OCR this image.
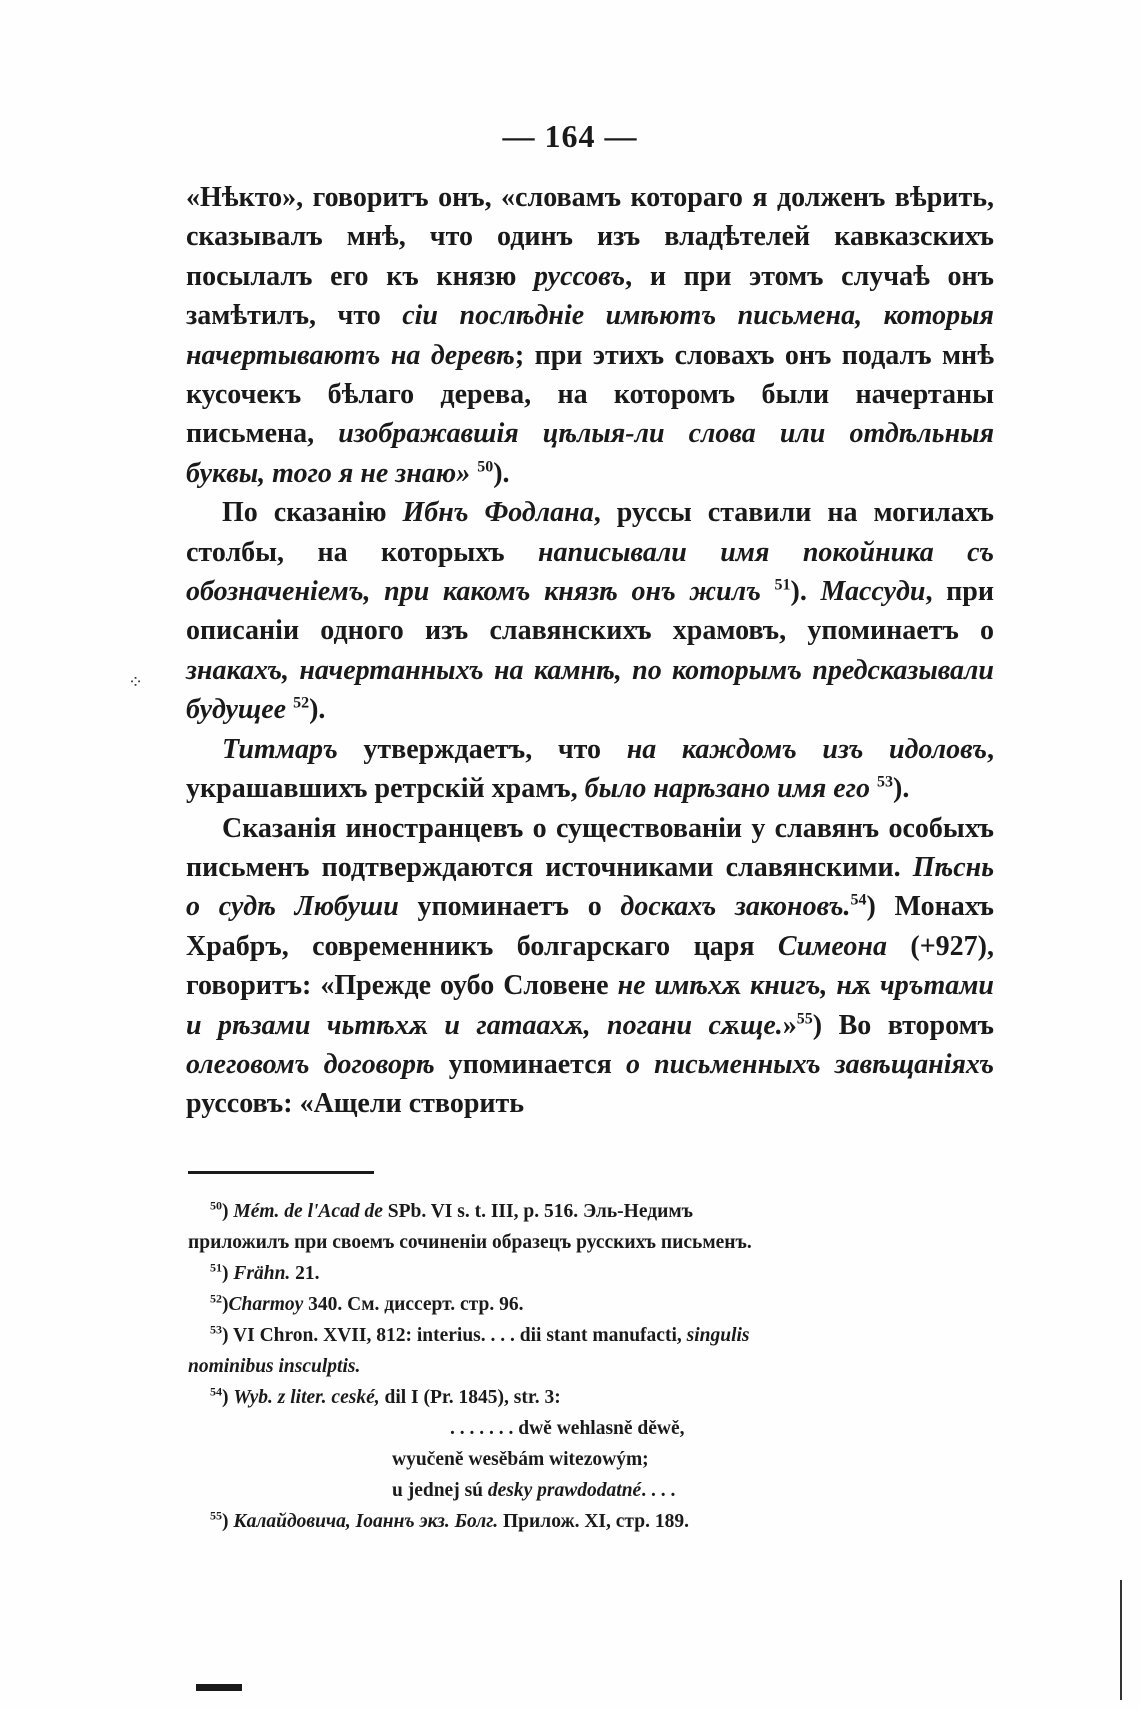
— 164 —

«Нѣкто», говоритъ онъ, «словамъ котораго я долженъ вѣрить, сказывалъ мнѣ, что одинъ изъ владѣтелей кавказскихъ посылалъ его къ князю руссовъ, и при этомъ случаѣ онъ замѣтилъ, что сіи послѣдніе имѣютъ письмена, которыя начертываютъ на деревѣ; при этихъ словахъ онъ подалъ мнѣ кусочекъ бѣлаго дерева, на которомъ были начертаны письмена, изображавшія цѣлыя-ли слова или отдѣльныя буквы, того я не знаю» $^{50}$).

По сказанію Ибнъ Фодлана, руссы ставили на могилахъ столбы, на которыхъ написывали имя покойника съ обозначеніемъ, при какомъ князѣ онъ жилъ $^{51}$). Массуди, при описаніи одного изъ славянскихъ храмовъ, упоминаетъ о знакахъ, начертанныхъ на камнѣ, по которымъ предсказывали будущее $^{52}$).

Титмаръ утверждаетъ, что на каждомъ изъ идоловъ, украшавшихъ ретрскій храмъ, было нарѣзано имя его $^{53}$).

Сказанія иностранцевъ о существованіи у славянъ особыхъ письменъ подтверждаются источниками славянскими. Пѣснь о судѣ Любуши упоминаетъ о доскахъ законовъ.$^{54}$) Монахъ Храбръ, современникъ болгарскаго царя Симеона (+927), говоритъ: «Прежде оубо Словене не имѣхѫ книгъ, нѫ чрътами и рѣзами чьтѣхѫ и гатаахѫ, погани сѫще.»$^{55}$) Во второмъ олеговомъ договорѣ упоминается о письменныхъ завѣщаніяхъ руссовъ: «Ащели створить

$^{50}$) Mém. de l'Acad de SPb. VI s. t. III, p. 516. Эль-Недимъ

приложилъ при своемъ сочиненіи образецъ русскихъ письменъ.

$^{51}$) Frähn. 21.

$^{52}$)Charmoy 340. См. диссерт. стр. 96.

$^{53}$) VI Chron. XVII, 812: interius. . . . dii stant manufacti, singulis

nominibus insculptis.

$^{54}$) Wyb. z liter. ceské, dil I (Pr. 1845), str. 3:

. . . . . . . dwě wehlasně děwě,

wyučeně wesěbám witezowým;

u jednej sú desky prawdodatné. . . .

$^{55}$) Калайдовича, Іоаннъ экз. Болг. Прилож. XI, стр. 189.

⁘
